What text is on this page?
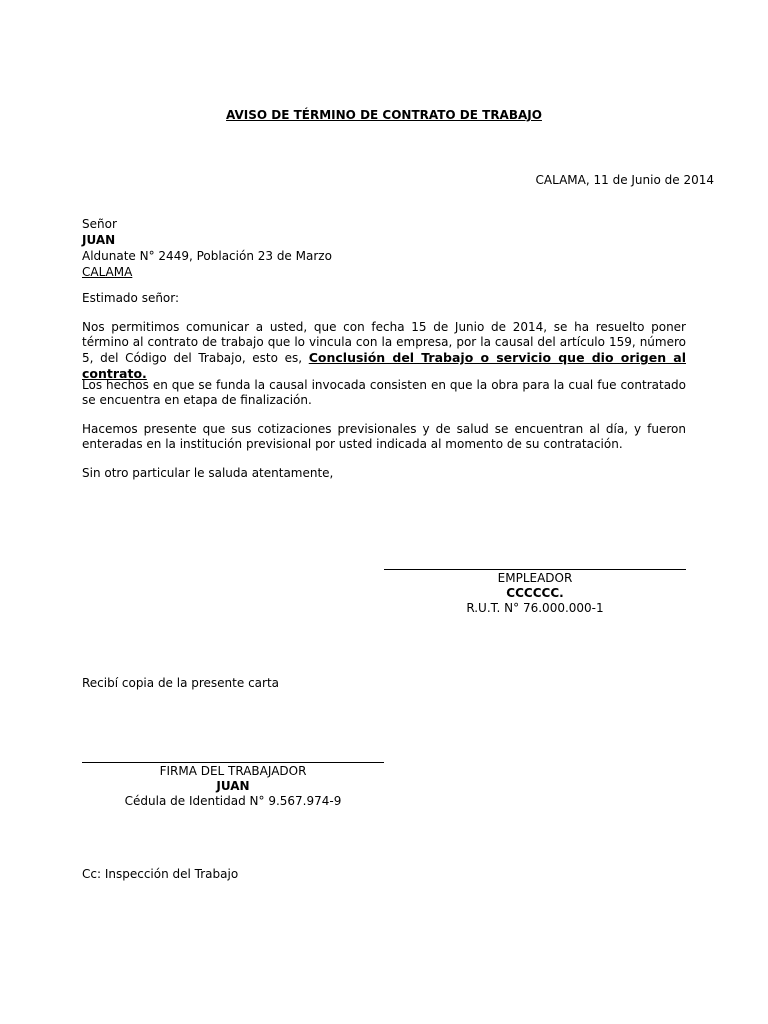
AVISO DE TÉRMINO DE CONTRATO DE TRABAJO
CALAMA, 11 de Junio de 2014
Señor
JUAN
Aldunate N° 2449, Población 23 de Marzo
CALAMA
Estimado señor:
Nos permitimos comunicar a usted, que con fecha 15 de Junio de 2014, se ha resuelto poner término al contrato de trabajo que lo vincula con la empresa, por la causal del artículo 159, número 5, del Código del Trabajo, esto es, Conclusión del Trabajo o servicio que dio origen al contrato.
Los hechos en que se funda la causal invocada consisten en que la obra para la cual fue contratado se encuentra en etapa de finalización.
Hacemos presente que sus cotizaciones previsionales y de salud se encuentran al día, y fueron enteradas en la institución previsional por usted indicada al momento de su contratación.
Sin otro particular le saluda atentamente,
EMPLEADOR
CCCCCC.
R.U.T. N° 76.000.000-1
Recibí copia de la presente carta
FIRMA DEL TRABAJADOR
JUAN
Cédula de Identidad N° 9.567.974-9
Cc: Inspección del Trabajo
